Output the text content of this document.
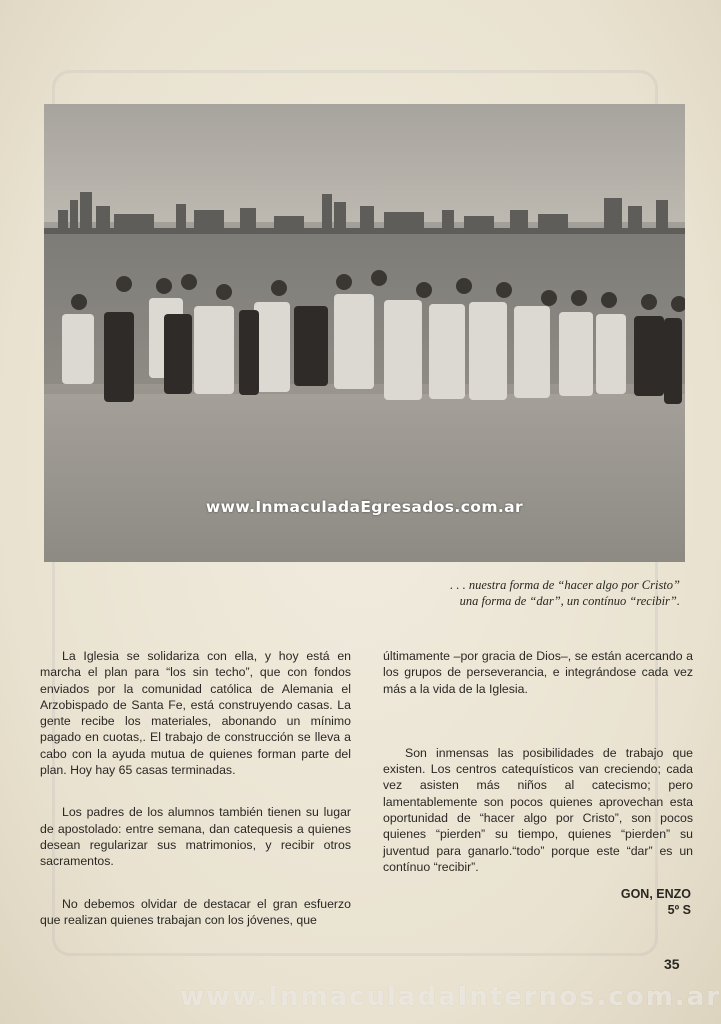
www.InmaculadaEgresados.com.ar
. . . nuestra forma de “hacer algo por Cristo”
una forma de “dar”, un contínuo “recibir”.

La Iglesia se solidariza con ella, y hoy está en marcha el plan para “los sin techo”, que con fondos enviados por la comunidad católica de Alemania el Arzobispado de Santa Fe, está construyendo casas. La gente recibe los materiales, abonando un mínimo pagado en cuotas,. El trabajo de construcción se lleva a cabo con la ayuda mutua de quienes forman parte del plan. Hoy hay 65 casas terminadas.

Los padres de los alumnos también tienen su lugar de apostolado: entre semana, dan catequesis a quienes desean regularizar sus matrimonios, y recibir otros sacramentos.

No debemos olvidar de destacar el gran esfuerzo que realizan quienes trabajan con los jóvenes, que

últimamente –por gracia de Dios–, se están acercando a los grupos de perseverancia, e integrándose cada vez más a la vida de la Iglesia.

Son inmensas las posibilidades de trabajo que existen. Los centros catequísticos van creciendo; cada vez asisten más niños al catecismo; pero lamentablemente son pocos quienes aprovechan esta oportunidad de “hacer algo por Cristo”, son pocos quienes “pierden” su tiempo, quienes “pierden” su juventud para ganarlo.“todo” porque este “dar” es un contínuo “recibir”.

GON, ENZO
5º S
35
www.InmaculadaInternos.com.ar
